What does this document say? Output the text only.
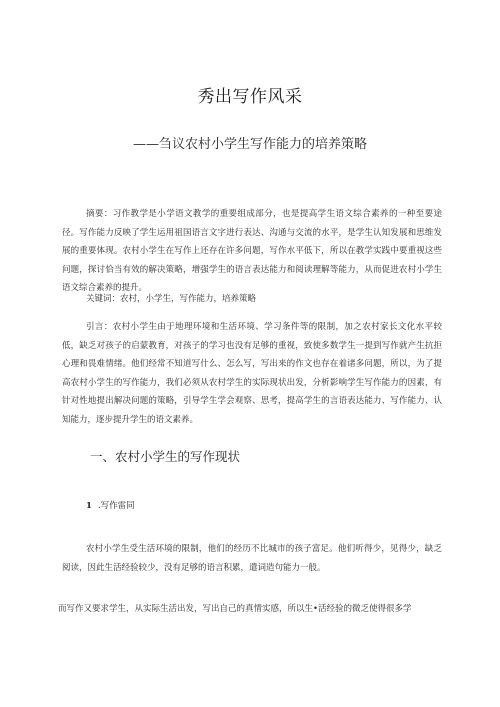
秀出写作风采
——刍议农村小学生写作能力的培养策略
摘要：习作教学是小学语文教学的重要组成部分，也是提高学生语文综合素养的一种至要途径。写作能力反映了学生运用祖国语言文字进行表达、沟通与交流的水平，是学生认知发展和思维发展的重要体现。农村小学生在写作上还存在许多问题，写作水平低下，所以在教学实践中要重视这些问题，探讨恰当有效的解决策略，增强学生的语言表达能力和阅读理解等能力，从而促进农村小学生语文综合素养的提升。
关键词：农村，小学生，写作能力，培养策略
引言：农村小学生由于地理环境和生活环境、学习条件等的限制，加之农村家长文化水平较低，缺乏对孩子的启蒙教育，对孩子的学习也没有足够的重视，致使多数学生一提到写作就产生抗拒心理和畏难情绪。他们经常不知道写什么、怎么写，写出来的作文也存在着诸多问题，所以，为了提高农村小学生的写作能力，我们必须从农村学生的实际现状出发，分析影响学生写作能力的因素，有针对性地提出解决问题的策略，引导学生学会观察、思考，提高学生的言语表达能力、写作能力、认知能力，逐步提升学生的语文素养。
一、农村小学生的写作现状
1 .写作雷同
农村小学生受生活环境的限制，他们的经历不比城市的孩子富足。他们听得少，见得少，缺乏阅读，因此生活经验较少，没有足够的语言积累，遣词造句能力一般。
而写作又要求学生，从实际生活出发，写出自己的真情实感，所以生•活经验的微乏使得很多学
